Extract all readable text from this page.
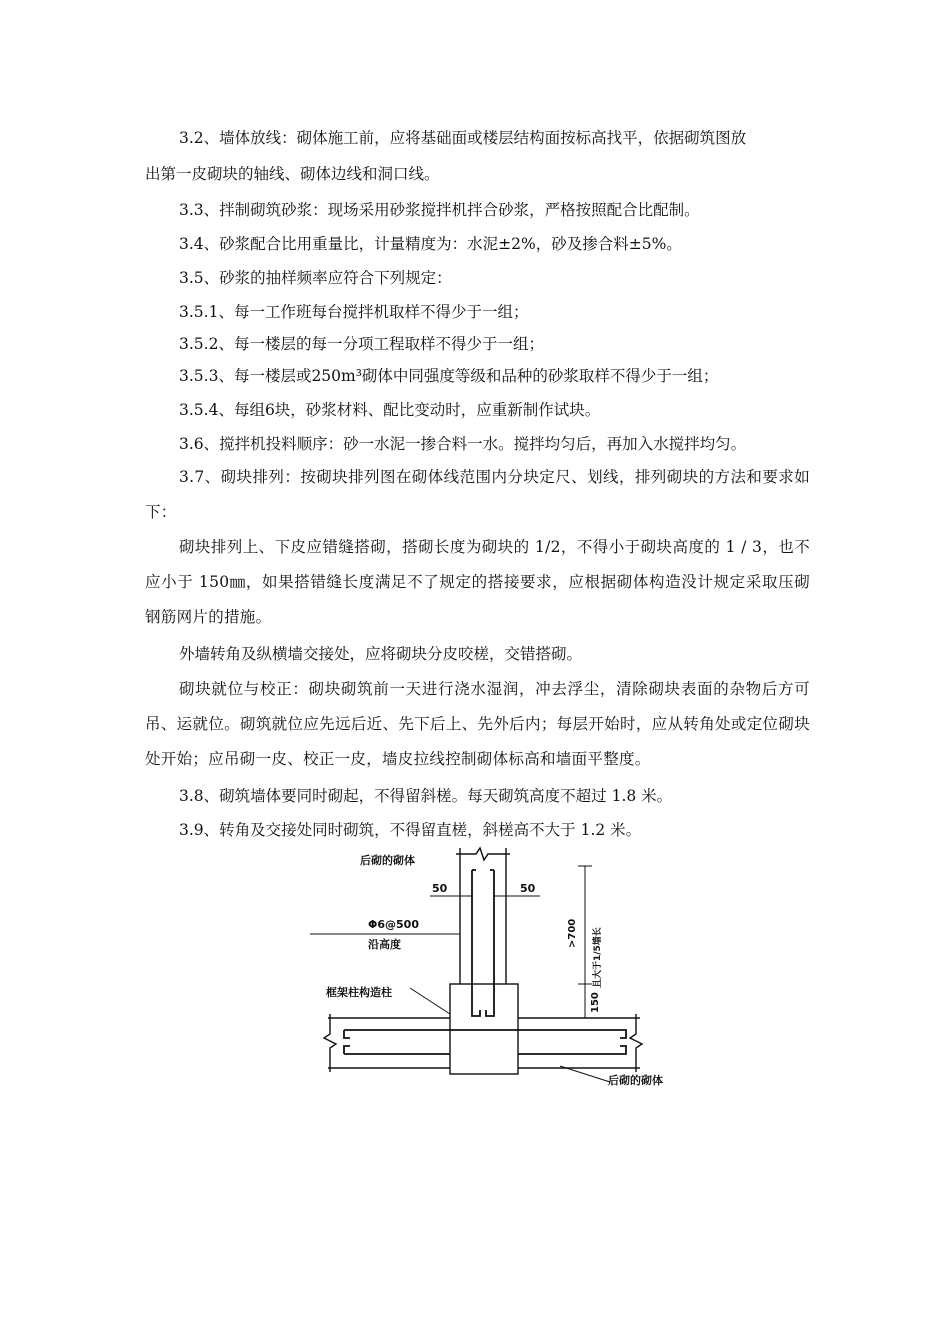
3.2、墙体放线：砌体施工前，应将基础面或楼层结构面按标高找平，依据砌筑图放
出第一皮砌块的轴线、砌体边线和洞口线。
3.3、拌制砌筑砂浆：现场采用砂浆搅拌机拌合砂浆，严格按照配合比配制。
3.4、砂浆配合比用重量比，计量精度为：水泥±2%，砂及掺合料±5%。
3.5、砂浆的抽样频率应符合下列规定：
3.5.1、每一工作班每台搅拌机取样不得少于一组；
3.5.2、每一楼层的每一分项工程取样不得少于一组；
3.5.3、每一楼层或250m³砌体中同强度等级和品种的砂浆取样不得少于一组；
3.5.4、每组6块，砂浆材料、配比变动时，应重新制作试块。
3.6、搅拌机投料顺序：砂一水泥一掺合料一水。搅拌均匀后，再加入水搅拌均匀。
3.7、砌块排列：按砌块排列图在砌体线范围内分块定尺、划线，排列砌块的方法和要求如下：
砌块排列上、下皮应错缝搭砌，搭砌长度为砌块的 1/2，不得小于砌块高度的 1 / 3，也不应小于 150㎜，如果搭错缝长度满足不了规定的搭接要求，应根据砌体构造没计规定采取压砌钢筋网片的措施。
外墙转角及纵横墙交接处，应将砌块分皮咬槎，交错搭砌。
砌块就位与校正：砌块砌筑前一天进行浇水湿润，冲去浮尘，清除砌块表面的杂物后方可吊、运就位。砌筑就位应先远后近、先下后上、先外后内；每层开始时，应从转角处或定位砌块处开始；应吊砌一皮、校正一皮，墙皮拉线控制砌体标高和墙面平整度。
3.8、砌筑墙体要同时砌起，不得留斜槎。每天砌筑高度不超过 1.8 米。
3.9、转角及交接处同时砌筑，不得留直槎，斜槎高不大于 1.2 米。
后砌的砌体
50	50
Φ6@500
沿高度
框架柱构造柱
后砌的砌体
>700 且大于1/5墙长
150
